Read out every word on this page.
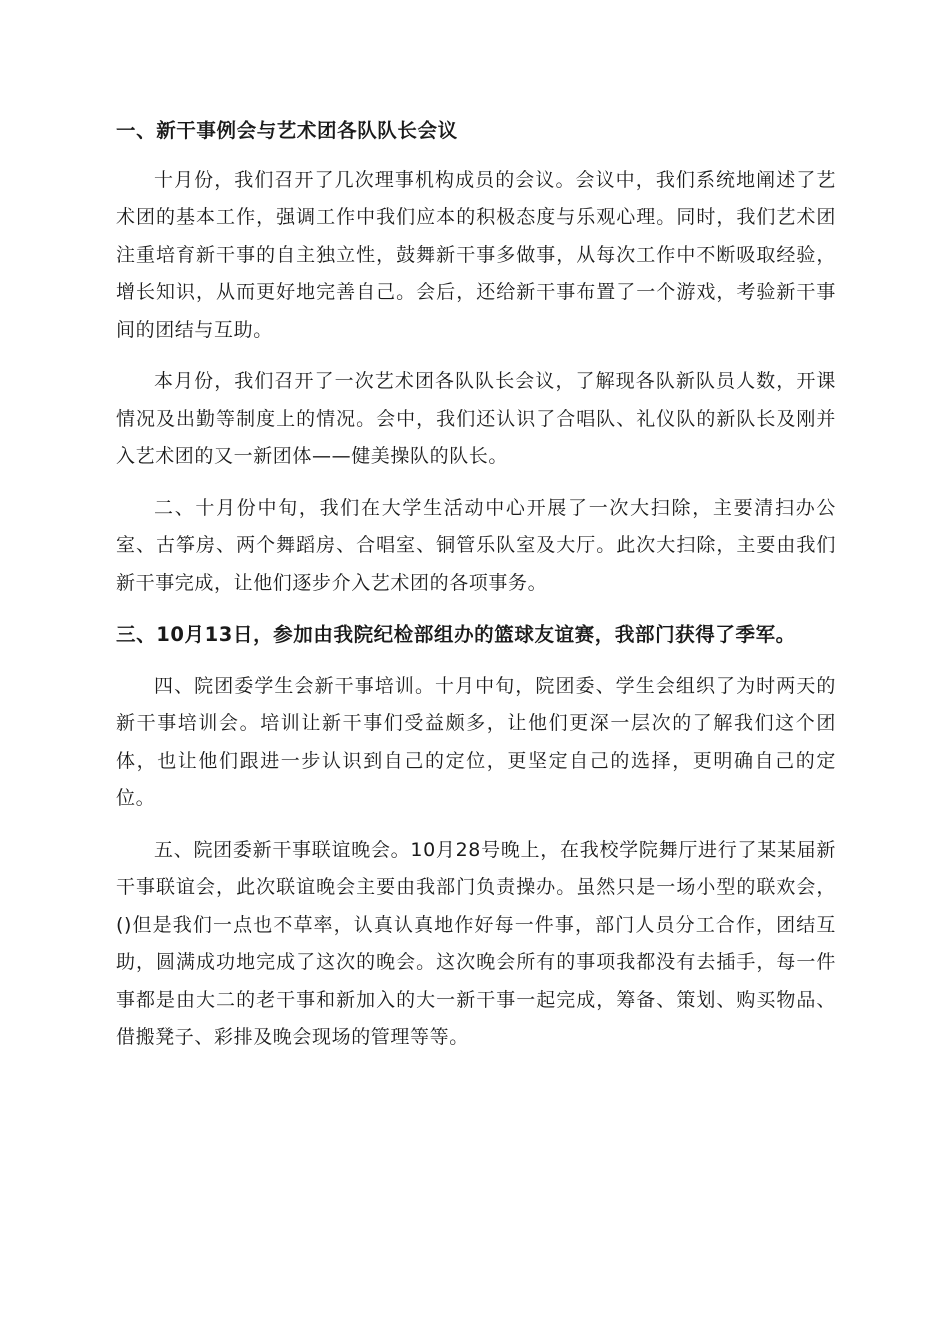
一、新干事例会与艺术团各队队长会议

十月份，我们召开了几次理事机构成员的会议。会议中，我们系统地阐述了艺术团的基本工作，强调工作中我们应本的积极态度与乐观心理。同时，我们艺术团注重培育新干事的自主独立性，鼓舞新干事多做事，从每次工作中不断吸取经验，增长知识，从而更好地完善自己。会后，还给新干事布置了一个游戏，考验新干事间的团结与互助。

本月份，我们召开了一次艺术团各队队长会议，了解现各队新队员人数，开课情况及出勤等制度上的情况。会中，我们还认识了合唱队、礼仪队的新队长及刚并入艺术团的又一新团体——健美操队的队长。

二、十月份中旬，我们在大学生活动中心开展了一次大扫除，主要清扫办公室、古筝房、两个舞蹈房、合唱室、铜管乐队室及大厅。此次大扫除，主要由我们新干事完成，让他们逐步介入艺术团的各项事务。

三、10月13日，参加由我院纪检部组办的篮球友谊赛，我部门获得了季军。

四、院团委学生会新干事培训。十月中旬，院团委、学生会组织了为时两天的新干事培训会。培训让新干事们受益颇多，让他们更深一层次的了解我们这个团体，也让他们跟进一步认识到自己的定位，更坚定自己的选择，更明确自己的定位。

五、院团委新干事联谊晚会。10月28号晚上，在我校学院舞厅进行了某某届新干事联谊会，此次联谊晚会主要由我部门负责操办。虽然只是一场小型的联欢会，()但是我们一点也不草率，认真认真地作好每一件事，部门人员分工合作，团结互助，圆满成功地完成了这次的晚会。这次晚会所有的事项我都没有去插手，每一件事都是由大二的老干事和新加入的大一新干事一起完成，筹备、策划、购买物品、借搬凳子、彩排及晚会现场的管理等等。
